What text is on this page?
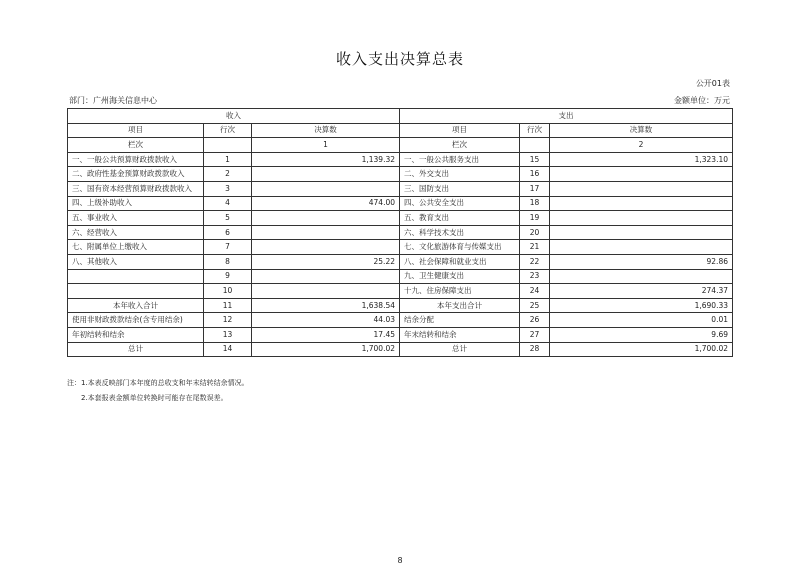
收入支出决算总表
公开01表
部门：广州海关信息中心	金额单位：万元
收入			支出		
项目	行次	决算数	项目	行次	决算数
栏次		1	栏次		2
一、一般公共预算财政拨款收入	1	1,139.32	一、一般公共服务支出	15	1,323.10
二、政府性基金预算财政拨款收入	2		二、外交支出	16	
三、国有资本经营预算财政拨款收入	3		三、国防支出	17	
四、上级补助收入	4	474.00	四、公共安全支出	18	
五、事业收入	5		五、教育支出	19	
六、经营收入	6		六、科学技术支出	20	
七、附属单位上缴收入	7		七、文化旅游体育与传媒支出	21	
八、其他收入	8	25.22	八、社会保障和就业支出	22	92.86
	9		九、卫生健康支出	23	
	10		十九、住房保障支出	24	274.37
本年收入合计	11	1,638.54	本年支出合计	25	1,690.33
使用非财政拨款结余(含专用结余)	12	44.03	结余分配	26	0.01
年初结转和结余	13	17.45	年末结转和结余	27	9.69
总计	14	1,700.02	总计	28	1,700.02
注：1.本表反映部门本年度的总收支和年末结转结余情况。
2.本套报表金额单位转换时可能存在尾数误差。
8
